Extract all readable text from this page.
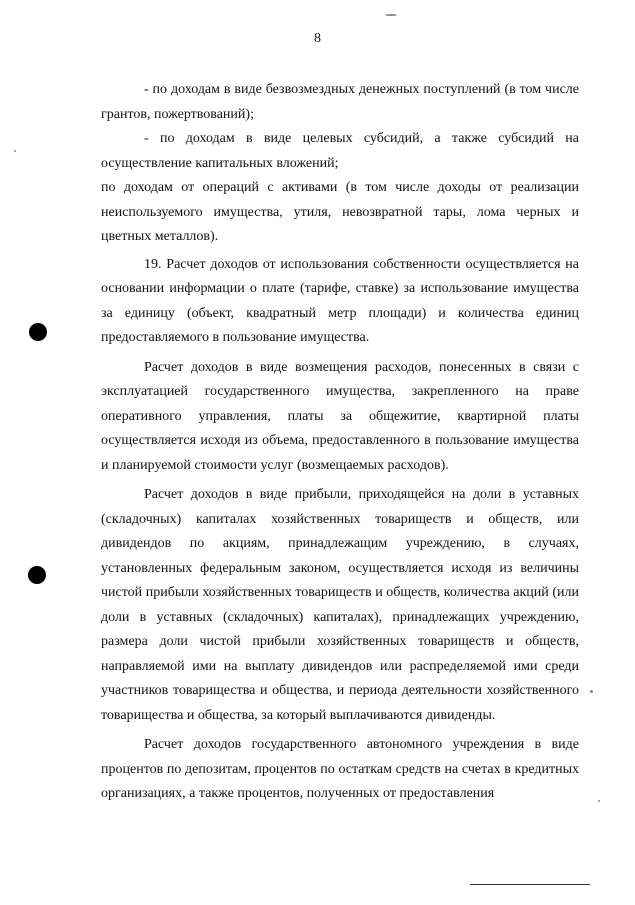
8

- по доходам в виде безвозмездных денежных поступлений (в том числе грантов, пожертвований);

- по доходам в виде целевых субсидий, а также субсидий на осуществление капитальных вложений;

по доходам от операций с активами (в том числе доходы от реализации неиспользуемого имущества, утиля, невозвратной тары, лома черных и цветных металлов).

19. Расчет доходов от использования собственности осуществляется на основании информации о плате (тарифе, ставке) за использование имущества за единицу (объект, квадратный метр площади) и количества единиц предоставляемого в пользование имущества.

Расчет доходов в виде возмещения расходов, понесенных в связи с эксплуатацией государственного имущества, закрепленного на праве оперативного управления, платы за общежитие, квартирной платы осуществляется исходя из объема, предоставленного в пользование имущества и планируемой стоимости услуг (возмещаемых расходов).

Расчет доходов в виде прибыли, приходящейся на доли в уставных (складочных) капиталах хозяйственных товариществ и обществ, или дивидендов по акциям, принадлежащим учреждению, в случаях, установленных федеральным законом, осуществляется исходя из величины чистой прибыли хозяйственных товариществ и обществ, количества акций (или доли в уставных (складочных) капиталах), принадлежащих учреждению, размера доли чистой прибыли хозяйственных товариществ и обществ, направляемой ими на выплату дивидендов или распределяемой ими среди участников товарищества и общества, и периода деятельности хозяйственного товарищества и общества, за который выплачиваются дивиденды.

Расчет доходов государственного автономного учреждения в виде процентов по депозитам, процентов по остаткам средств на счетах в кредитных организациях, а также процентов, полученных от предоставления
